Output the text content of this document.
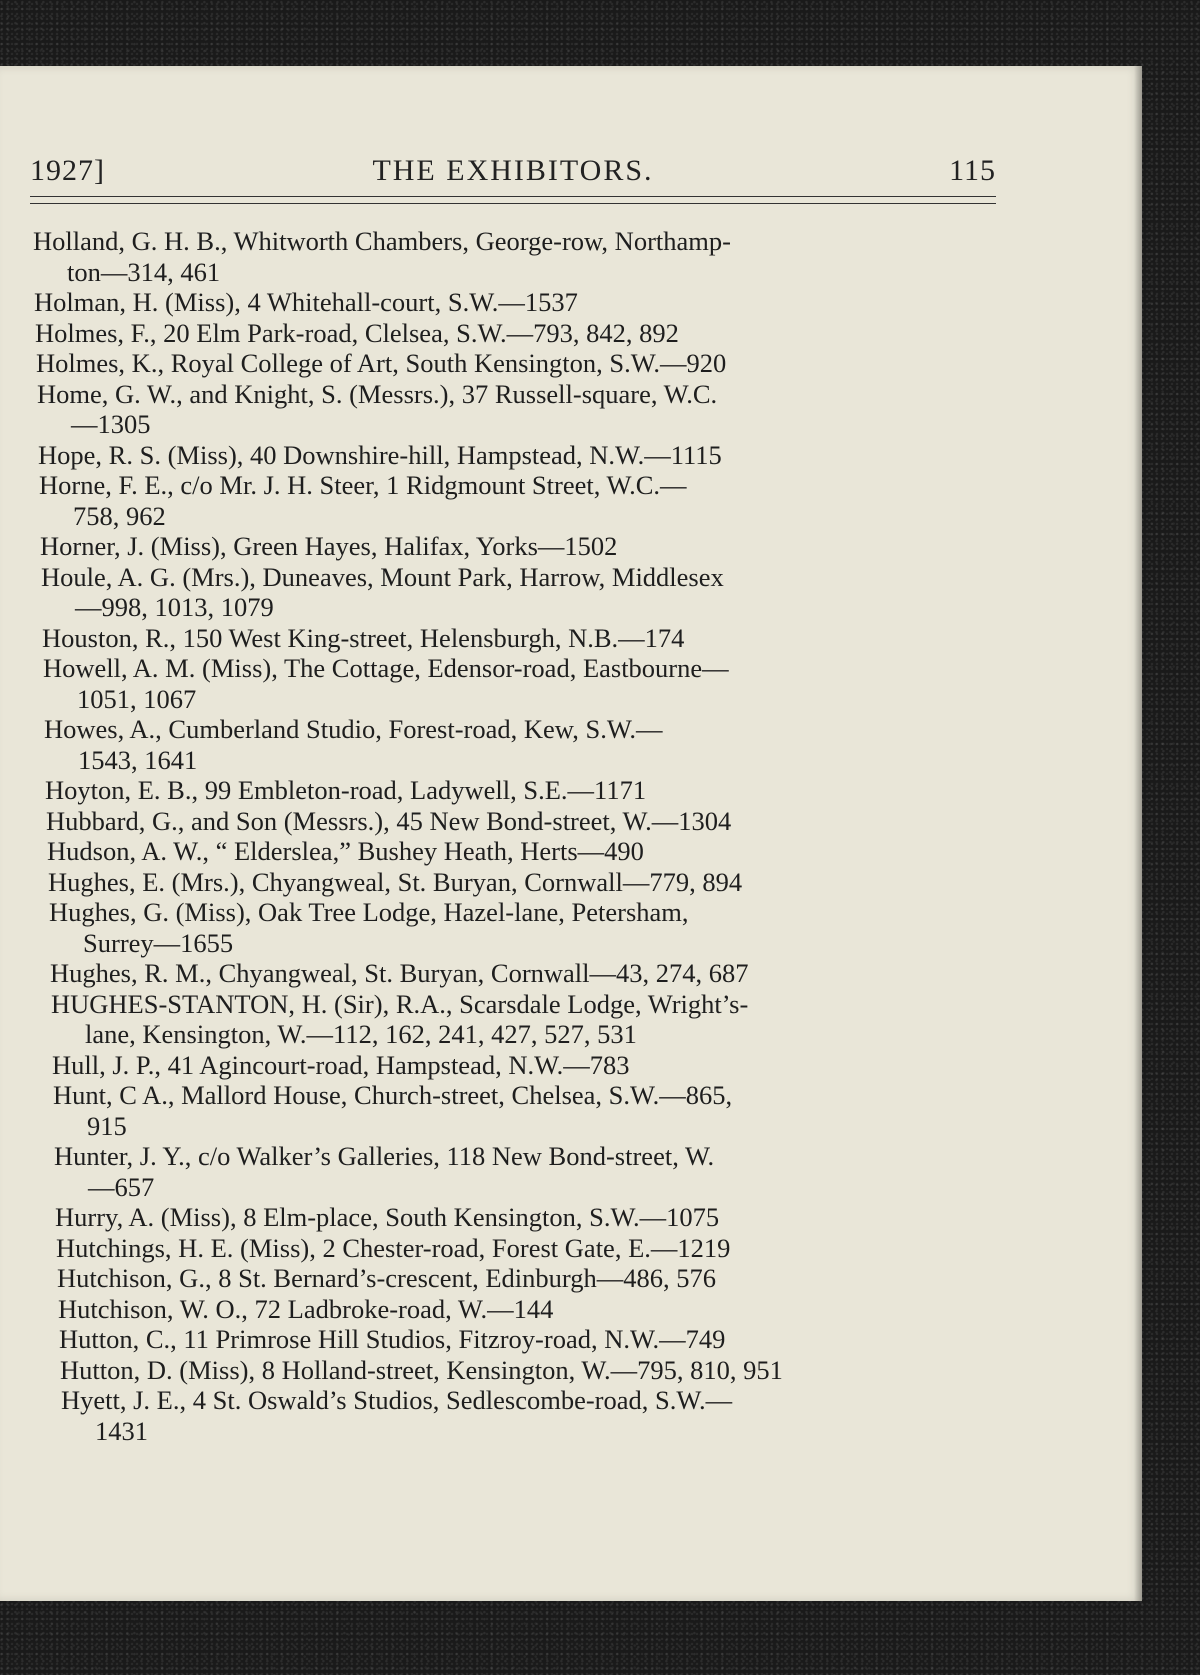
1927]	THE EXHIBITORS.	115
Holland, G. H. B., Whitworth Chambers, George-row, Northamp-
ton—314, 461
Holman, H. (Miss), 4 Whitehall-court, S.W.—1537
Holmes, F., 20 Elm Park-road, Clelsea, S.W.—793, 842, 892
Holmes, K., Royal College of Art, South Kensington, S.W.—920
Home, G. W., and Knight, S. (Messrs.), 37 Russell-square, W.C.
—1305
Hope, R. S. (Miss), 40 Downshire-hill, Hampstead, N.W.—1115
Horne, F. E., c/o Mr. J. H. Steer, 1 Ridgmount Street, W.C.—
758, 962
Horner, J. (Miss), Green Hayes, Halifax, Yorks—1502
Houle, A. G. (Mrs.), Duneaves, Mount Park, Harrow, Middlesex
—998, 1013, 1079
Houston, R., 150 West King-street, Helensburgh, N.B.—174
Howell, A. M. (Miss), The Cottage, Edensor-road, Eastbourne—
1051, 1067
Howes, A., Cumberland Studio, Forest-road, Kew, S.W.—
1543, 1641
Hoyton, E. B., 99 Embleton-road, Ladywell, S.E.—1171
Hubbard, G., and Son (Messrs.), 45 New Bond-street, W.—1304
Hudson, A. W., “ Elderslea,” Bushey Heath, Herts—490
Hughes, E. (Mrs.), Chyangweal, St. Buryan, Cornwall—779, 894
Hughes, G. (Miss), Oak Tree Lodge, Hazel-lane, Petersham,
Surrey—1655
Hughes, R. M., Chyangweal, St. Buryan, Cornwall—43, 274, 687
HUGHES-STANTON, H. (Sir), R.A., Scarsdale Lodge, Wright’s-
lane, Kensington, W.—112, 162, 241, 427, 527, 531
Hull, J. P., 41 Agincourt-road, Hampstead, N.W.—783
Hunt, C A., Mallord House, Church-street, Chelsea, S.W.—865,
915
Hunter, J. Y., c/o Walker’s Galleries, 118 New Bond-street, W.
—657
Hurry, A. (Miss), 8 Elm-place, South Kensington, S.W.—1075
Hutchings, H. E. (Miss), 2 Chester-road, Forest Gate, E.—1219
Hutchison, G., 8 St. Bernard’s-crescent, Edinburgh—486, 576
Hutchison, W. O., 72 Ladbroke-road, W.—144
Hutton, C., 11 Primrose Hill Studios, Fitzroy-road, N.W.—749
Hutton, D. (Miss), 8 Holland-street, Kensington, W.—795, 810, 951
Hyett, J. E., 4 St. Oswald’s Studios, Sedlescombe-road, S.W.—
1431
